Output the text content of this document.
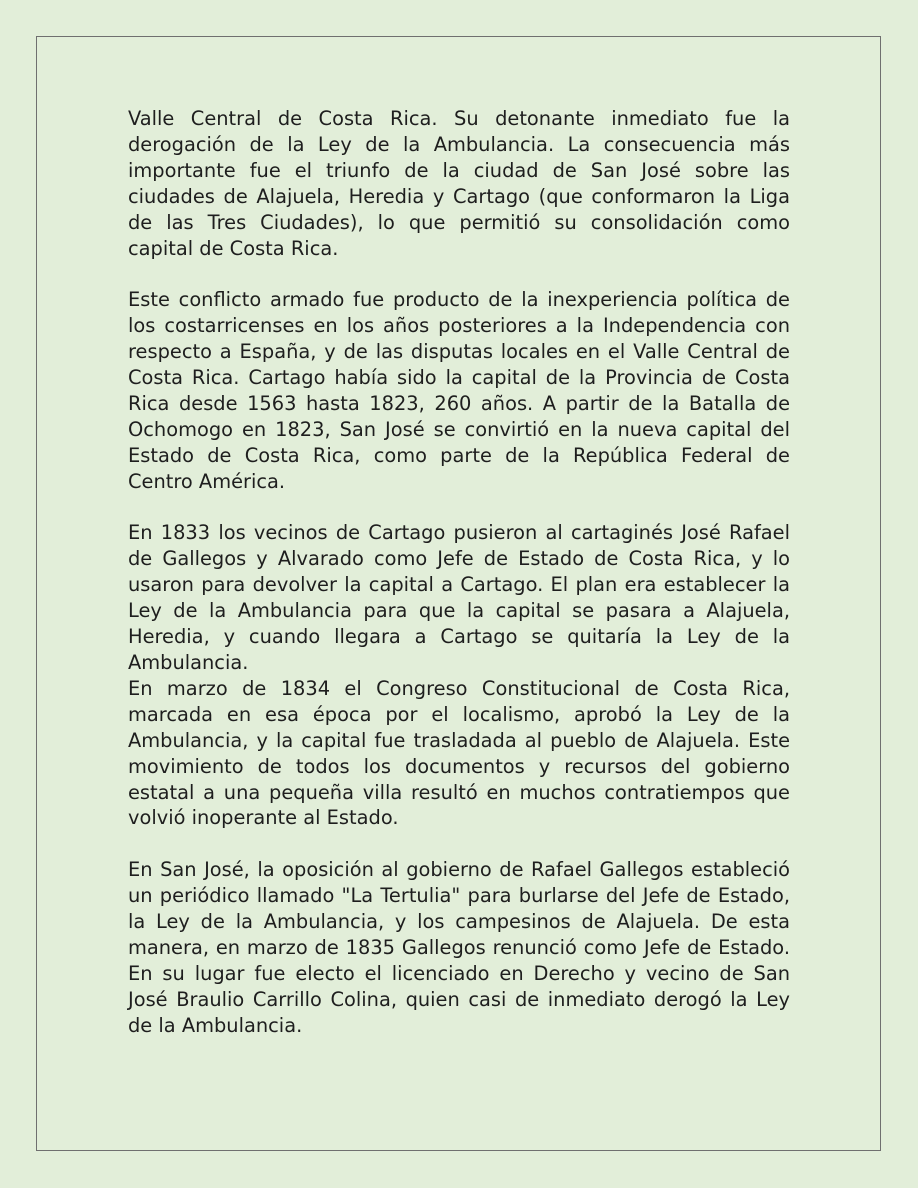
Valle Central de Costa Rica. Su detonante inmediato fue la derogación de la Ley de la Ambulancia. La consecuencia más importante fue el triunfo de la ciudad de San José sobre las ciudades de Alajuela, Heredia y Cartago (que conformaron la Liga de las Tres Ciudades), lo que permitió su consolidación como capital de Costa Rica.

Este conflicto armado fue producto de la inexperiencia política de los costarricenses en los años posteriores a la Independencia con respecto a España, y de las disputas locales en el Valle Central de Costa Rica. Cartago había sido la capital de la Provincia de Costa Rica desde 1563 hasta 1823, 260 años. A partir de la Batalla de Ochomogo en 1823, San José se convirtió en la nueva capital del Estado de Costa Rica, como parte de la República Federal de Centro América.

En 1833 los vecinos de Cartago pusieron al cartaginés José Rafael de Gallegos y Alvarado como Jefe de Estado de Costa Rica, y lo usaron para devolver la capital a Cartago. El plan era establecer la Ley de la Ambulancia para que la capital se pasara a Alajuela, Heredia, y cuando llegara a Cartago se quitaría la Ley de la Ambulancia.

En marzo de 1834 el Congreso Constitucional de Costa Rica, marcada en esa época por el localismo, aprobó la Ley de la Ambulancia, y la capital fue trasladada al pueblo de Alajuela. Este movimiento de todos los documentos y recursos del gobierno estatal a una pequeña villa resultó en muchos contratiempos que volvió inoperante al Estado.

En San José, la oposición al gobierno de Rafael Gallegos estableció un periódico llamado "La Tertulia" para burlarse del Jefe de Estado, la Ley de la Ambulancia, y los campesinos de Alajuela. De esta manera, en marzo de 1835 Gallegos renunció como Jefe de Estado. En su lugar fue electo el licenciado en Derecho y vecino de San José Braulio Carrillo Colina, quien casi de inmediato derogó la Ley de la Ambulancia.
